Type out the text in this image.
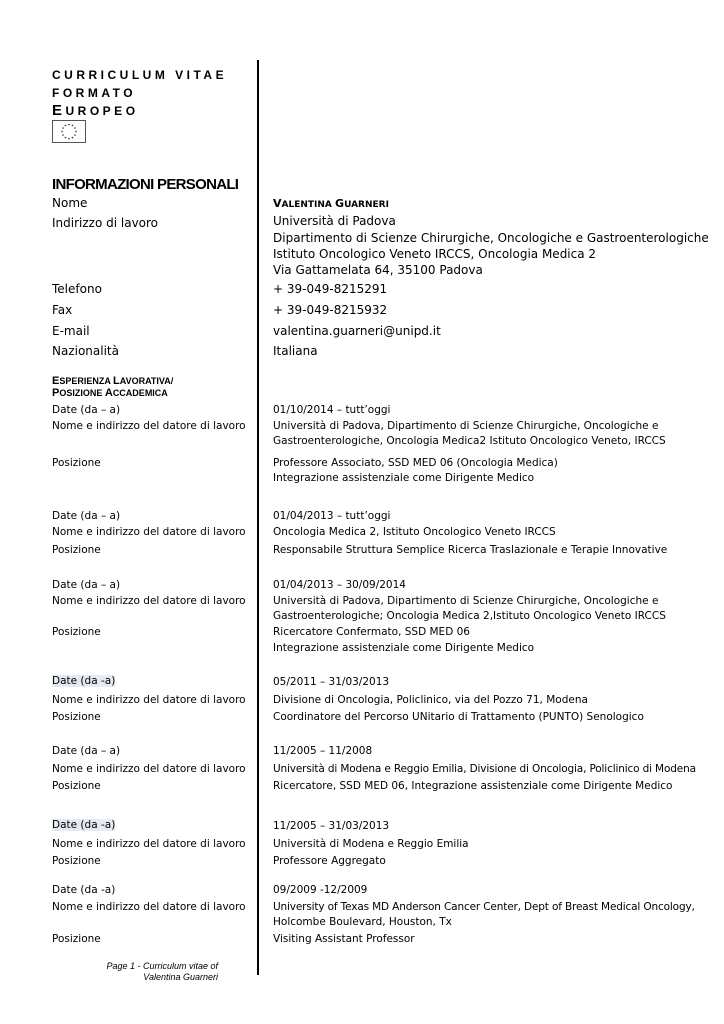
CURRICULUM VITAE
FORMATO
EUROPEO
INFORMAZIONI PERSONALI
Nome	VALENTINA GUARNERI
Indirizzo di lavoro	Università di Padova
Dipartimento di Scienze Chirurgiche, Oncologiche e Gastroenterologiche
Istituto Oncologico Veneto IRCCS, Oncologia Medica 2
Via Gattamelata 64, 35100 Padova
Telefono	+ 39-049-8215291
Fax	+ 39-049-8215932
E-mail	valentina.guarneri@unipd.it
Nazionalità	Italiana
ESPERIENZA LAVORATIVA/
POSIZIONE ACCADEMICA
Date (da – a)	01/10/2014 – tutt’oggi
Nome e indirizzo del datore di lavoro	Università di Padova, Dipartimento di Scienze Chirurgiche, Oncologiche e
Gastroenterologiche, Oncologia Medica2 Istituto Oncologico Veneto, IRCCS
Posizione	Professore Associato, SSD MED 06 (Oncologia Medica)
Integrazione assistenziale come Dirigente Medico
Date (da – a)	01/04/2013 – tutt’oggi
Nome e indirizzo del datore di lavoro	Oncologia Medica 2, Istituto Oncologico Veneto IRCCS
Posizione	Responsabile Struttura Semplice Ricerca Traslazionale e Terapie Innovative
Date (da – a)	01/04/2013 – 30/09/2014
Nome e indirizzo del datore di lavoro	Università di Padova, Dipartimento di Scienze Chirurgiche, Oncologiche e
Gastroenterologiche; Oncologia Medica 2,Istituto Oncologico Veneto IRCCS
Posizione	Ricercatore Confermato, SSD MED 06
Integrazione assistenziale come Dirigente Medico
Date (da -a)	05/2011 – 31/03/2013
Nome e indirizzo del datore di lavoro	Divisione di Oncologia, Policlinico, via del Pozzo 71, Modena
Posizione	Coordinatore del Percorso UNitario di Trattamento (PUNTO) Senologico
Date (da – a)	11/2005 – 11/2008
Nome e indirizzo del datore di lavoro	Università di Modena e Reggio Emilia, Divisione di Oncologia, Policlinico di Modena
Posizione	Ricercatore, SSD MED 06, Integrazione assistenziale come Dirigente Medico
Date (da -a)	11/2005 – 31/03/2013
Nome e indirizzo del datore di lavoro	Università di Modena e Reggio Emilia
Posizione	Professore Aggregato
Date (da -a)	09/2009 -12/2009
Nome e indirizzo del datore di lavoro	University of Texas MD Anderson Cancer Center, Dept of Breast Medical Oncology,
Holcombe Boulevard, Houston, Tx
Posizione	Visiting Assistant Professor
Page 1 - Curriculum vitae of
Valentina Guarneri
